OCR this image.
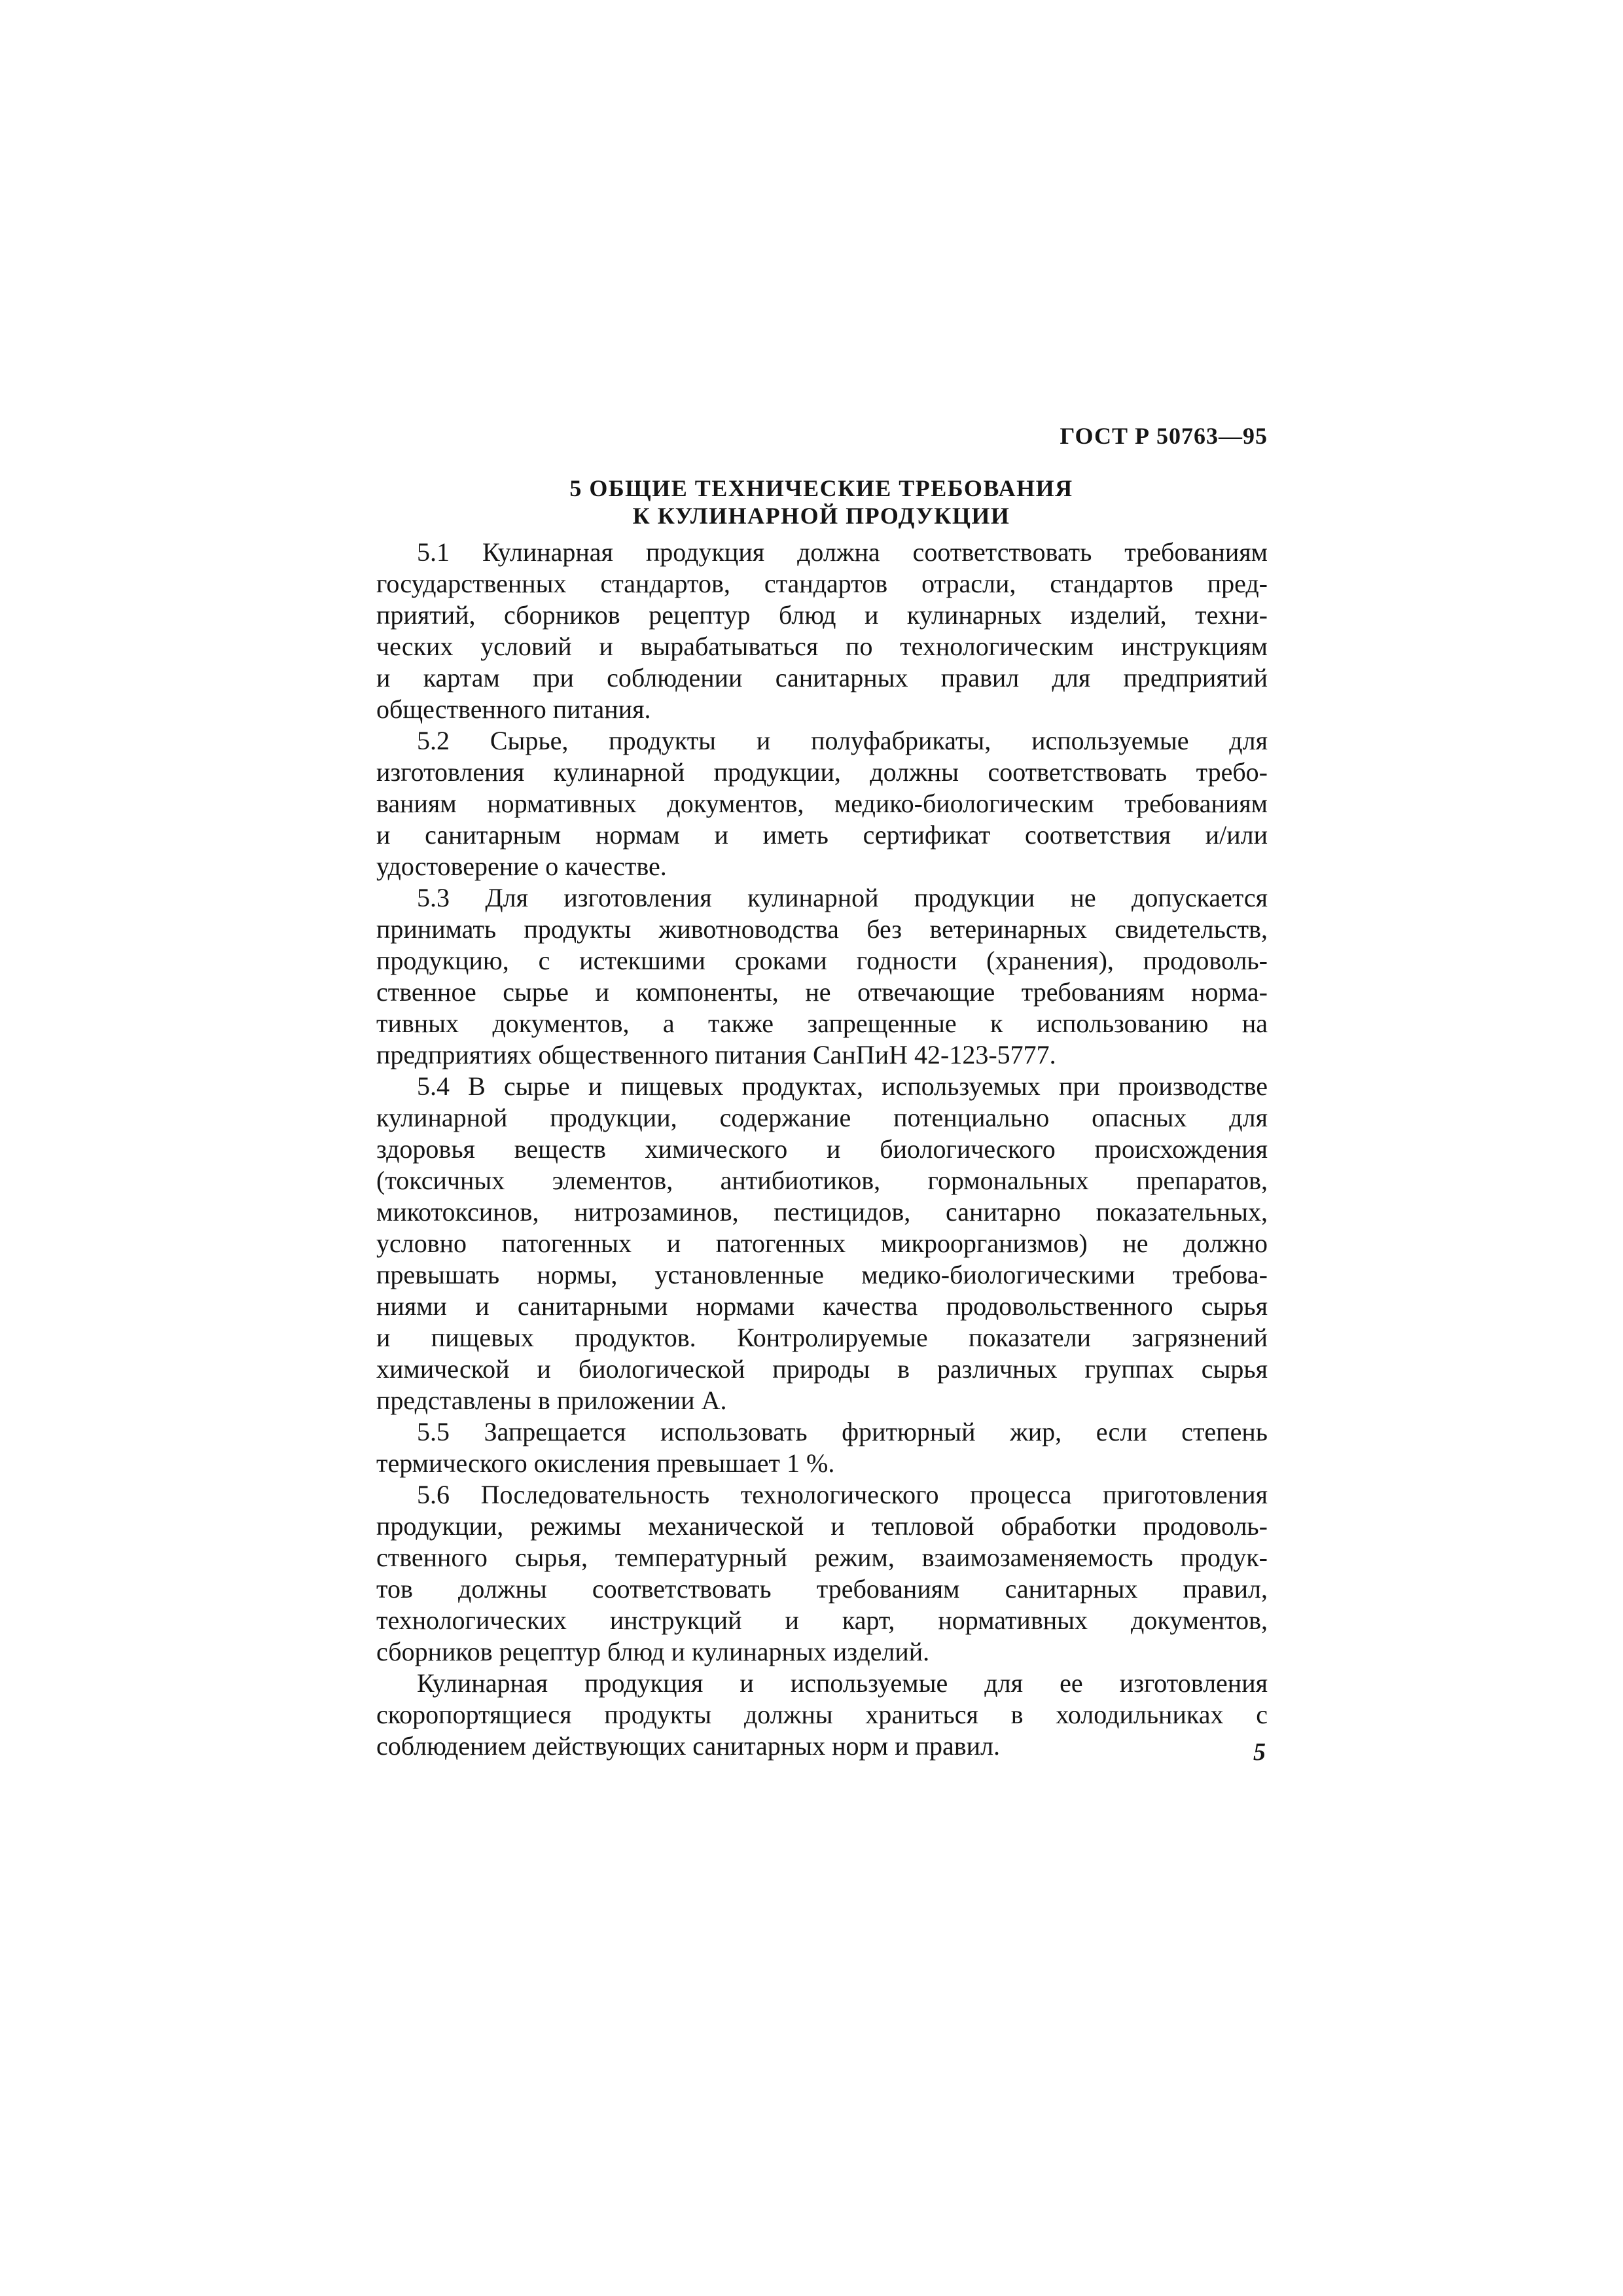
ГОСТ Р 50763—95
5 ОБЩИЕ ТЕХНИЧЕСКИЕ ТРЕБОВАНИЯ
К КУЛИНАРНОЙ ПРОДУКЦИИ
5.1 Кулинарная продукция должна соответствовать требованиям
государственных стандартов, стандартов отрасли, стандартов пред-
приятий, сборников рецептур блюд и кулинарных изделий, техни-
ческих условий и вырабатываться по технологическим инструкциям
и картам при соблюдении санитарных правил для предприятий
общественного питания.
5.2 Сырье, продукты и полуфабрикаты, используемые для
изготовления кулинарной продукции, должны соответствовать требо-
ваниям нормативных документов, медико-биологическим требованиям
и санитарным нормам и иметь сертификат соответствия и/или
удостоверение о качестве.
5.3 Для изготовления кулинарной продукции не допускается
принимать продукты животноводства без ветеринарных свидетельств,
продукцию, с истекшими сроками годности (хранения), продоволь-
ственное сырье и компоненты, не отвечающие требованиям норма-
тивных документов, а также запрещенные к использованию на
предприятиях общественного питания СанПиН 42-123-5777.
5.4 В сырье и пищевых продуктах, используемых при производстве
кулинарной продукции, содержание потенциально опасных для
здоровья веществ химического и биологического происхождения
(токсичных элементов, антибиотиков, гормональных препаратов,
микотоксинов, нитрозаминов, пестицидов, санитарно показательных,
условно патогенных и патогенных микроорганизмов) не должно
превышать нормы, установленные медико-биологическими требова-
ниями и санитарными нормами качества продовольственного сырья
и пищевых продуктов. Контролируемые показатели загрязнений
химической и биологической природы в различных группах сырья
представлены в приложении А.
5.5 Запрещается использовать фритюрный жир, если степень
термического окисления превышает 1 %.
5.6 Последовательность технологического процесса приготовления
продукции, режимы механической и тепловой обработки продоволь-
ственного сырья, температурный режим, взаимозаменяемость продук-
тов должны соответствовать требованиям санитарных правил,
технологических инструкций и карт, нормативных документов,
сборников рецептур блюд и кулинарных изделий.
Кулинарная продукция и используемые для ее изготовления
скоропортящиеся продукты должны храниться в холодильниках с
соблюдением действующих санитарных норм и правил.	5
